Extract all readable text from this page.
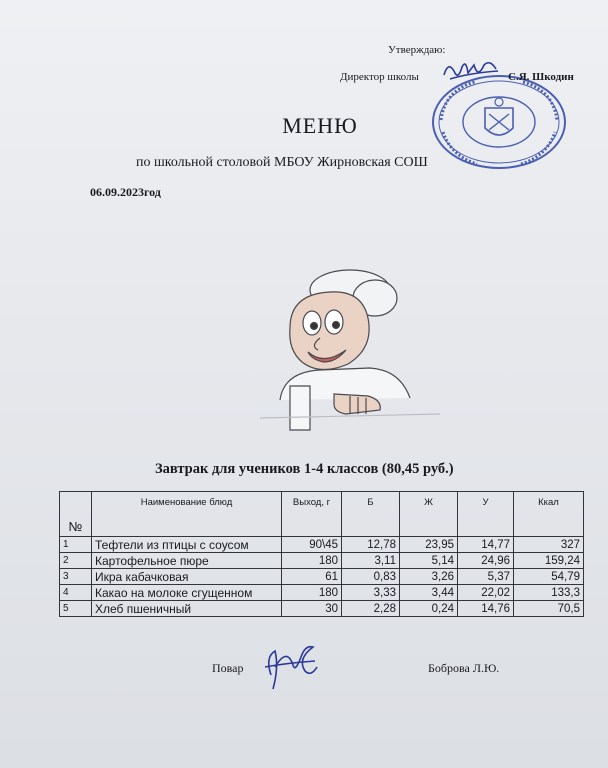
Утверждаю:
Директор школы	С.Я. Шкодин
МЕНЮ
по школьной столовой МБОУ Жирновская СОШ
06.09.2023год
Завтрак для учеников 1-4 классов (80,45 руб.)
№	Наименование блюд	Выход, г	Б	Ж	У	Ккал
1	Тефтели из птицы с соусом	90\45	12,78	23,95	14,77	327
2	Картофельное пюре	180	3,11	5,14	24,96	159,24
3	Икра кабачковая	61	0,83	3,26	5,37	54,79
4	Какао на молоке сгущенном	180	3,33	3,44	22,02	133,3
5	Хлеб пшеничный	30	2,28	0,24	14,76	70,5
Повар	Боброва Л.Ю.
